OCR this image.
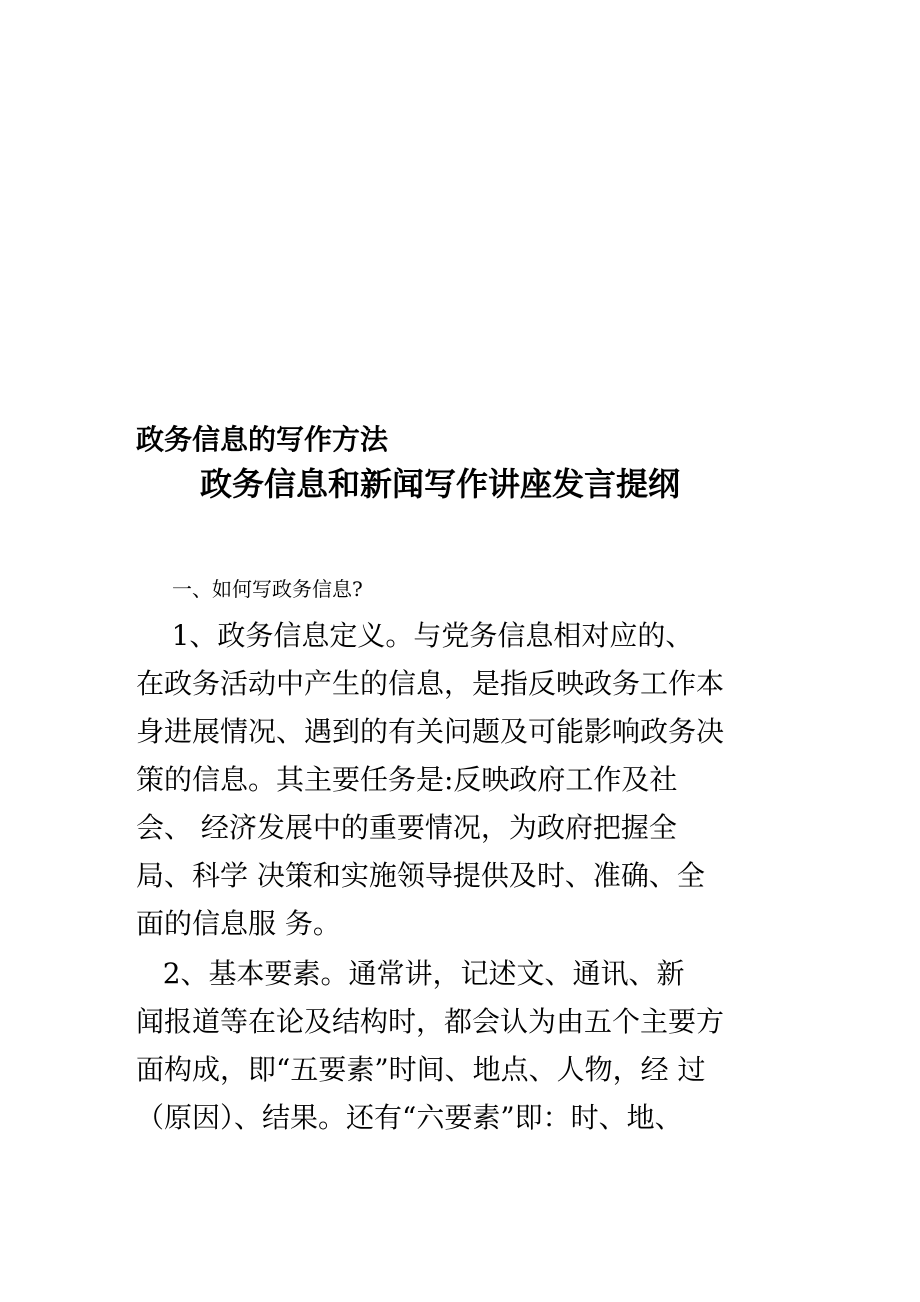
政务信息的写作方法
政务信息和新闻写作讲座发言提纲
一、如何写政务信息?
1、政务信息定义。与党务信息相对应的、
在政务活动中产生的信息，是指反映政务工作本
身进展情况、遇到的有关问题及可能影响政务决
策的信息。其主要任务是:反映政府工作及社
会、 经济发展中的重要情况，为政府把握全
局、科学 决策和实施领导提供及时、准确、全
面的信息服 务。
2、基本要素。通常讲，记述文、通讯、新
闻报道等在论及结构时，都会认为由五个主要方
面构成，即“五要素”时间、地点、人物，经 过
（原因）、结果。还有“六要素”即：时、地、
